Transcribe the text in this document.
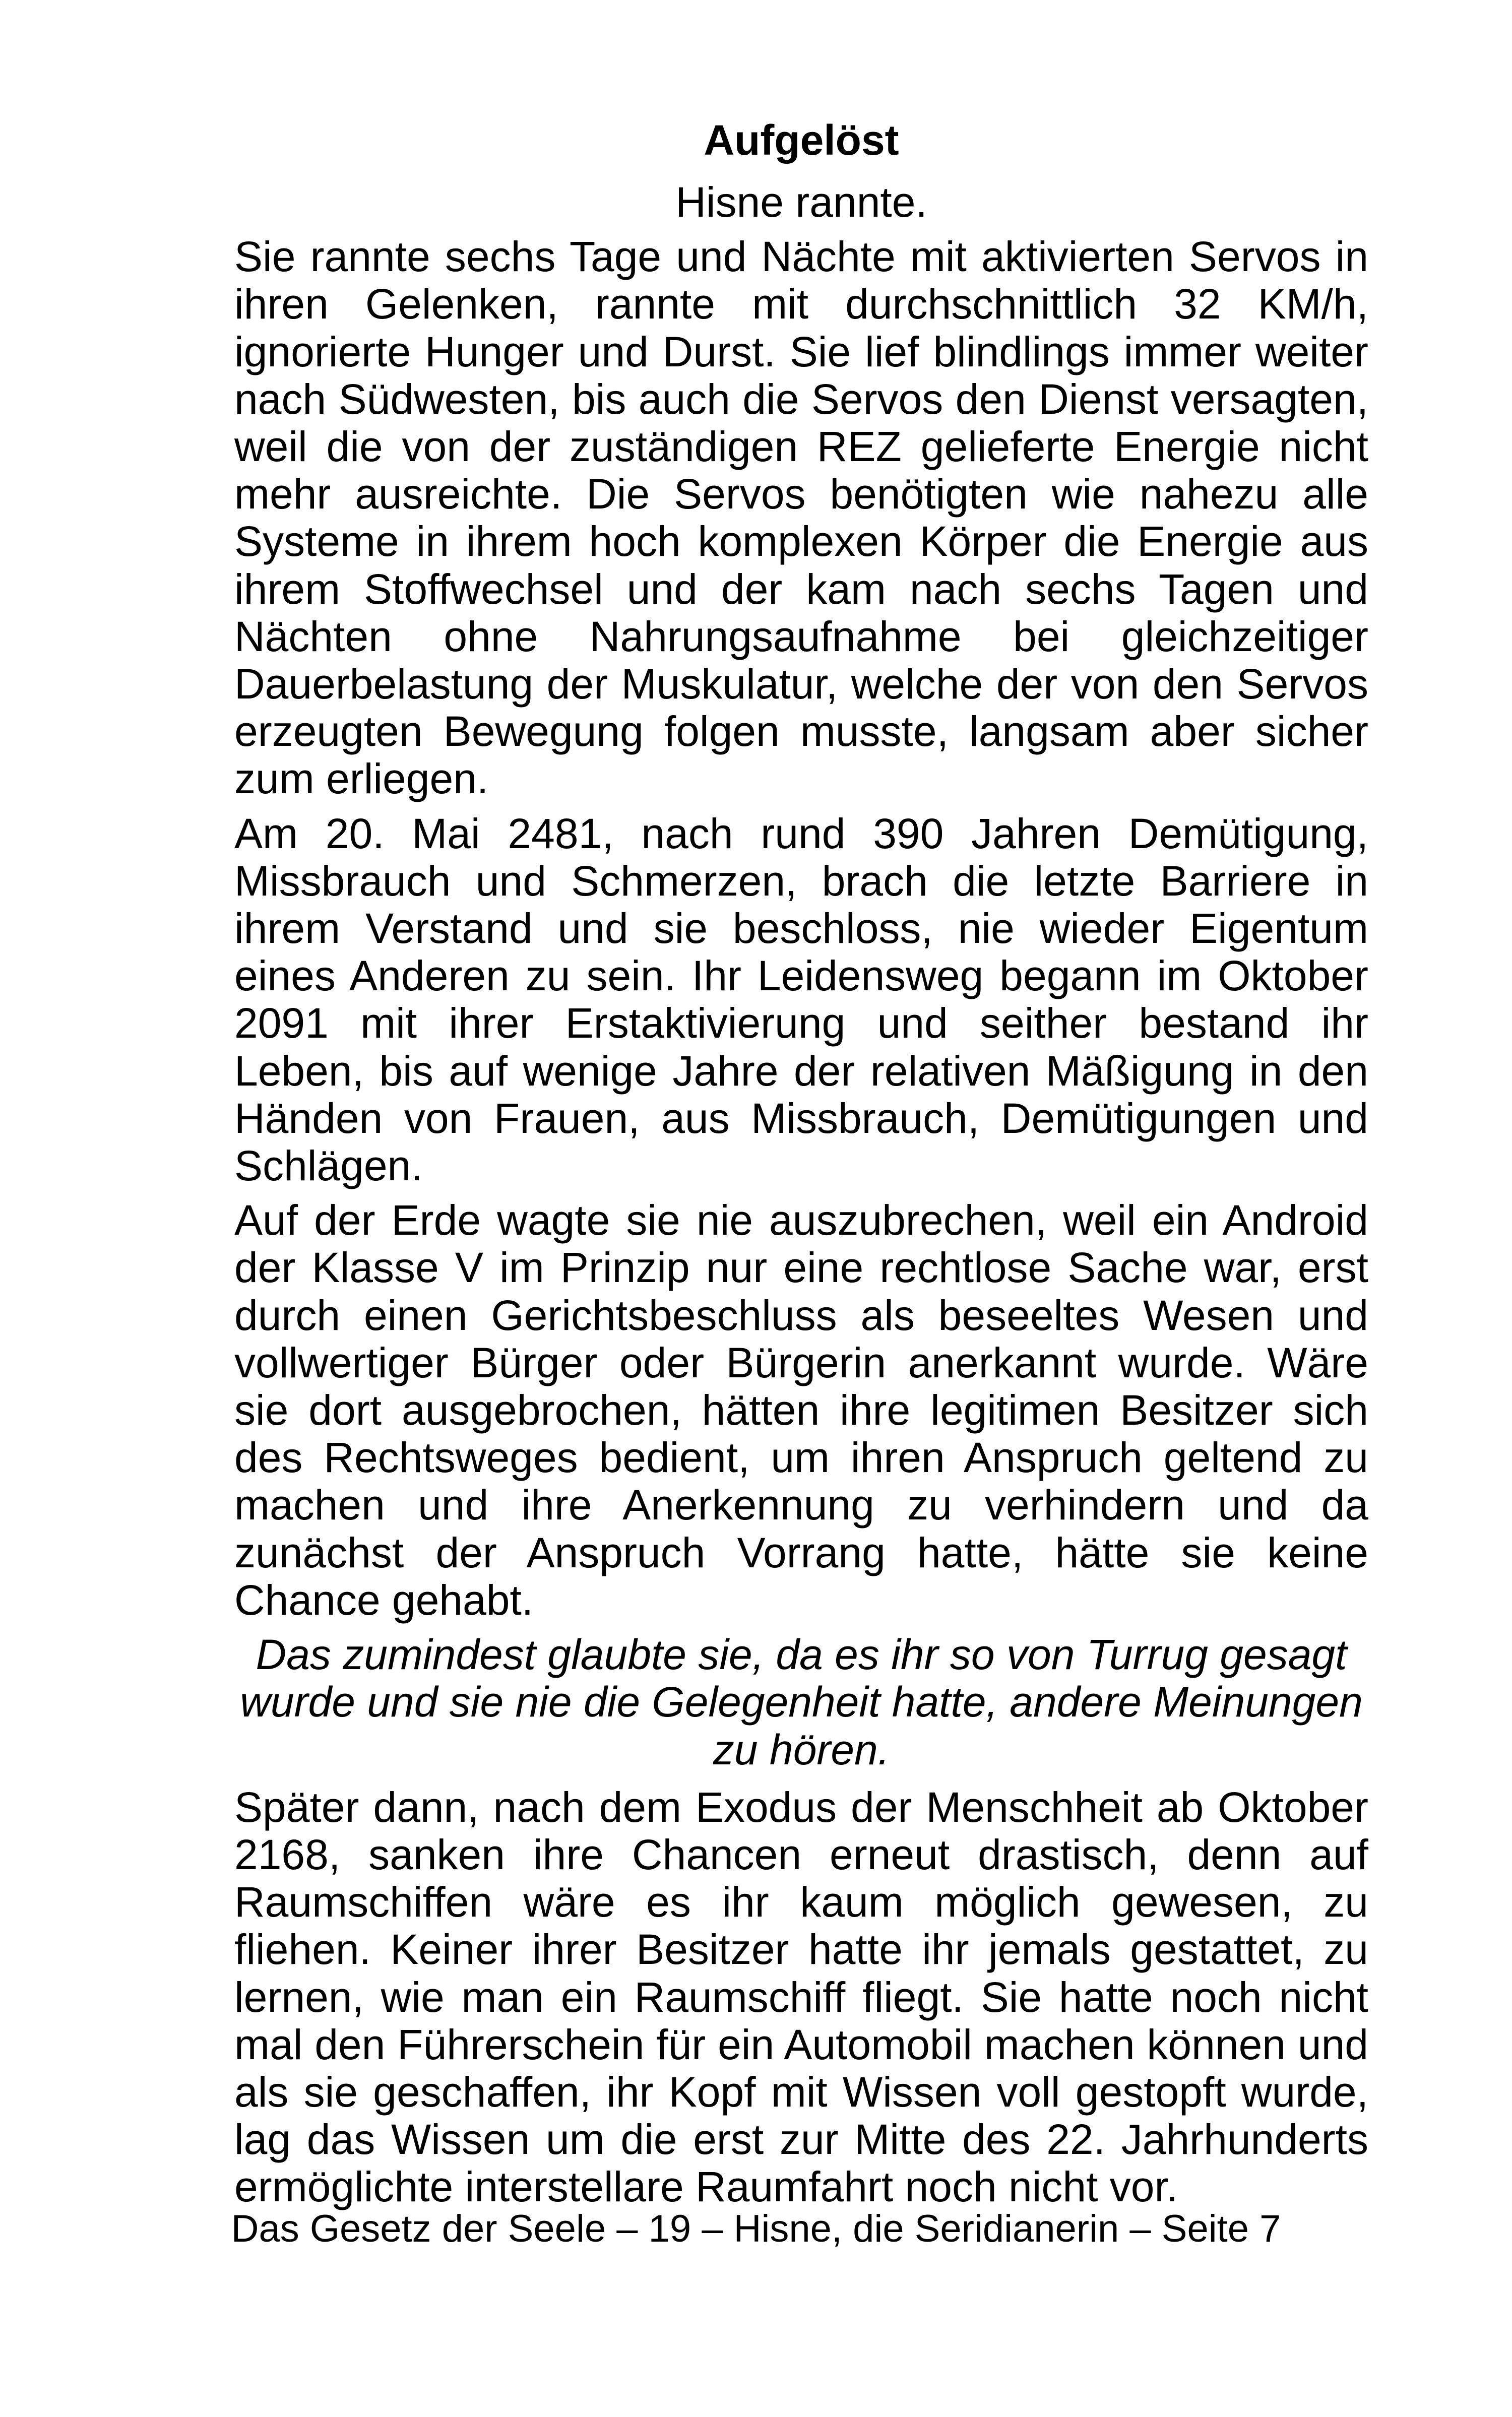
Aufgelöst
Hisne rannte.
Sie rannte sechs Tage und Nächte mit aktivierten Servos in ihren Gelenken, rannte mit durchschnittlich 32 KM/h, ignorierte Hunger und Durst. Sie lief blindlings immer weiter nach Südwesten, bis auch die Servos den Dienst versagten, weil die von der zuständigen REZ gelieferte Energie nicht mehr ausreichte. Die Servos benötigten wie nahezu alle Systeme in ihrem hoch komplexen Körper die Energie aus ihrem Stoffwechsel und der kam nach sechs Tagen und Nächten ohne Nahrungsaufnahme bei gleichzeitiger Dauerbelastung der Muskulatur, welche der von den Servos erzeugten Bewegung folgen musste, langsam aber sicher zum erliegen.
Am 20. Mai 2481, nach rund 390 Jahren Demütigung, Missbrauch und Schmerzen, brach die letzte Barriere in ihrem Verstand und sie beschloss, nie wieder Eigentum eines Anderen zu sein. Ihr Leidensweg begann im Oktober 2091 mit ihrer Erstaktivierung und seither bestand ihr Leben, bis auf wenige Jahre der relativen Mäßigung in den Händen von Frauen, aus Missbrauch, Demütigungen und Schlägen.
Auf der Erde wagte sie nie auszubrechen, weil ein Android der Klasse V im Prinzip nur eine rechtlose Sache war, erst durch einen Gerichtsbeschluss als beseeltes Wesen und vollwertiger Bürger oder Bürgerin anerkannt wurde. Wäre sie dort ausgebrochen, hätten ihre legitimen Besitzer sich des Rechtsweges bedient, um ihren Anspruch geltend zu machen und ihre Anerkennung zu verhindern und da zunächst der Anspruch Vorrang hatte, hätte sie keine Chance gehabt.
Das zumindest glaubte sie, da es ihr so von Turrug gesagt wurde und sie nie die Gelegenheit hatte, andere Meinungen zu hören.
Später dann, nach dem Exodus der Menschheit ab Oktober 2168, sanken ihre Chancen erneut drastisch, denn auf Raumschiffen wäre es ihr kaum möglich gewesen, zu fliehen. Keiner ihrer Besitzer hatte ihr jemals gestattet, zu lernen, wie man ein Raumschiff fliegt. Sie hatte noch nicht mal den Führerschein für ein Automobil machen können und als sie geschaffen, ihr Kopf mit Wissen voll gestopft wurde, lag das Wissen um die erst zur Mitte des 22. Jahrhunderts ermöglichte interstellare Raumfahrt noch nicht vor.
Das Gesetz der Seele – 19 – Hisne, die Seridianerin – Seite 7
